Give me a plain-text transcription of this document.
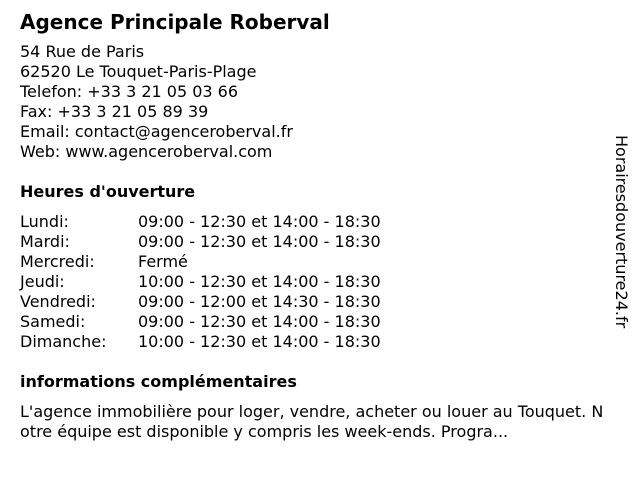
Agence Principale Roberval
54 Rue de Paris
62520 Le Touquet-Paris-Plage
Telefon: +33 3 21 05 03 66
Fax: +33 3 21 05 89 39
Email: contact@agenceroberval.fr
Web: www.agenceroberval.com
Heures d'ouverture
Lundi:	09:00 - 12:30 et 14:00 - 18:30
Mardi:	09:00 - 12:30 et 14:00 - 18:30
Mercredi:	Fermé
Jeudi:	10:00 - 12:30 et 14:00 - 18:30
Vendredi:	09:00 - 12:00 et 14:30 - 18:30
Samedi:	09:00 - 12:30 et 14:00 - 18:30
Dimanche:	10:00 - 12:30 et 14:00 - 18:30
informations complémentaires
L'agence immobilière pour loger, vendre, acheter ou louer au Touquet. Notre équipe est disponible y compris les week-ends. Progra...
Horairesdouverture24.fr
